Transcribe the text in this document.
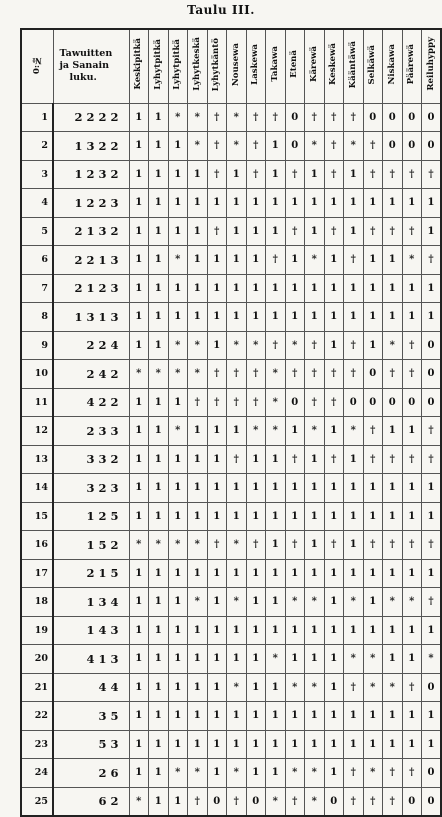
Taulu III.
0:№	Tawuitten
ja Sanain
luku.	Keskipitkä	Lyhytpitkä	Lyhytpitkä	Lyhytkeskä	Lyhytkäntö	Nousewa	Laskewa	Takawa	Etenä	Kärewä	Keskewä	Kääntäwä	Selkäwä	Niskawa	Päärewä	Reiluhyppy
1	2222	1	1	*	*	†	*	†	†	0	†	†	†	0	0	0	0
2	1322	1	1	1	*	†	*	†	1	0	*	†	*	†	0	0	0
3	1232	1	1	1	1	†	1	†	1	†	1	†	1	†	†	†	†
4	1223	1	1	1	1	1	1	1	1	1	1	1	1	1	1	1	1
5	2132	1	1	1	1	†	1	1	1	†	1	†	1	†	†	†	1
6	2213	1	1	*	1	1	1	1	†	1	*	1	†	1	1	*	†
7	2123	1	1	1	1	1	1	1	1	1	1	1	1	1	1	1	1
8	1313	1	1	1	1	1	1	1	1	1	1	1	1	1	1	1	1
9	224	1	1	*	*	1	*	*	†	*	†	1	†	1	*	†	0
10	242	*	*	*	*	†	†	†	*	†	†	†	†	0	†	†	0
11	422	1	1	1	†	†	†	†	*	0	†	†	0	0	0	0	0
12	233	1	1	*	1	1	1	*	*	1	*	1	*	†	1	1	†
13	332	1	1	1	1	1	†	1	1	†	1	†	1	†	†	†	†
14	323	1	1	1	1	1	1	1	1	1	1	1	1	1	1	1	1
15	125	1	1	1	1	1	1	1	1	1	1	1	1	1	1	1	1
16	152	*	*	*	*	†	*	†	1	†	1	†	1	†	†	†	†
17	215	1	1	1	1	1	1	1	1	1	1	1	1	1	1	1	1
18	134	1	1	1	*	1	*	1	1	*	*	1	*	1	*	*	†
19	143	1	1	1	1	1	1	1	1	1	1	1	1	1	1	1	1
20	413	1	1	1	1	1	1	1	*	1	1	1	*	*	1	1	*
21	44	1	1	1	1	1	*	1	1	*	*	1	†	*	*	†	0
22	35	1	1	1	1	1	1	1	1	1	1	1	1	1	1	1	1
23	53	1	1	1	1	1	1	1	1	1	1	1	1	1	1	1	1
24	26	1	1	*	*	1	*	1	1	*	*	1	†	*	†	†	0
25	62	*	1	1	†	0	†	0	*	†	*	0	†	†	†	0	0
